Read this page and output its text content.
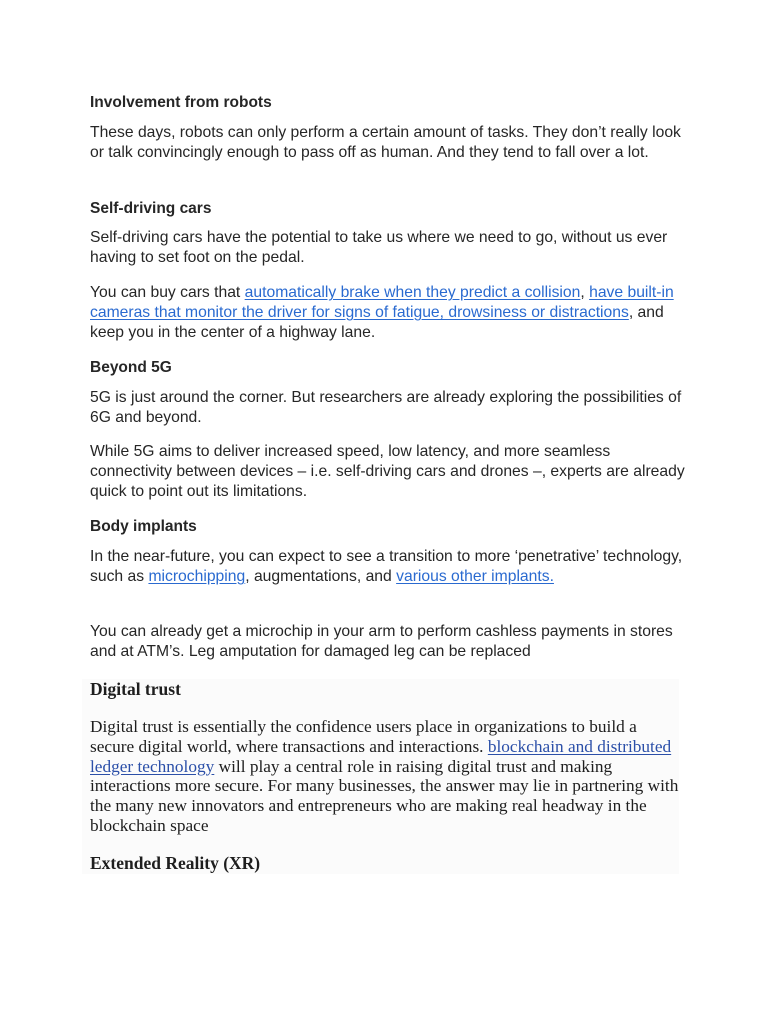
Involvement from robots

These days, robots can only perform a certain amount of tasks. They don’t really look or talk convincingly enough to pass off as human. And they tend to fall over a lot.

Self-driving cars

Self-driving cars have the potential to take us where we need to go, without us ever having to set foot on the pedal.

You can buy cars that automatically brake when they predict a collision, have built-in cameras that monitor the driver for signs of fatigue, drowsiness or distractions, and keep you in the center of a highway lane.

Beyond 5G

5G is just around the corner. But researchers are already exploring the possibilities of 6G and beyond.

While 5G aims to deliver increased speed, low latency, and more seamless connectivity between devices – i.e. self-driving cars and drones –, experts are already quick to point out its limitations.

Body implants

In the near-future, you can expect to see a transition to more ‘penetrative’ technology, such as microchipping, augmentations, and various other implants.

You can already get a microchip in your arm to perform cashless payments in stores and at ATM’s. Leg amputation for damaged leg can be replaced

Digital trust

Digital trust is essentially the confidence users place in organizations to build a secure digital world, where transactions and interactions. blockchain and distributed ledger technology will play a central role in raising digital trust and making interactions more secure. For many businesses, the answer may lie in partnering with the many new innovators and entrepreneurs who are making real headway in the blockchain space

Extended Reality (XR)
